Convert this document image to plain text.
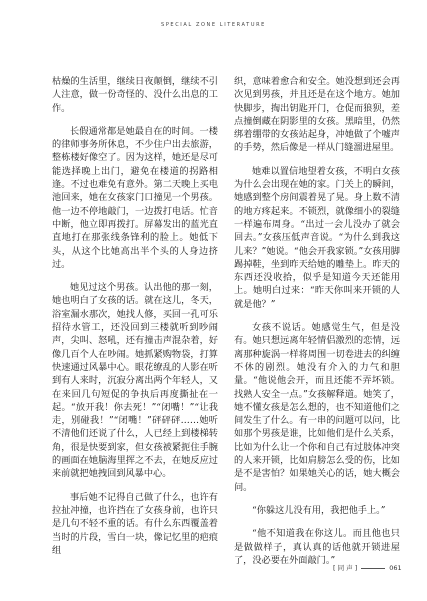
SPECIAL ZONE LITERATURE

枯燥的生活里，继续日夜颠倒，继续不引人注意，做一份奇怪的、没什么出息的工作。

长假通常都是她最自在的时间。一楼的律师事务所休息，不少住户出去旅游，整栋楼好像空了。因为这样，她还是尽可能选择晚上出门，避免在楼道的拐路相逢。不过也难免有意外。第二天晚上买电池回来，她在女孩家门口撞见一个男孩。他一边不停地敲门，一边拨打电话。忙音中断，他立即再拨打。屏幕发出的蓝光直直地打在那张线条锋利的脸上。她低下头，从这个比她高出半个头的人身边挤过。

她见过这个男孩。认出他的那一刻，她也明白了女孩的话。就在这儿，冬天，浴室漏水那次，她找人修，买回一孔可乐招待水管工，还没回到三楼就听到吵闹声，尖叫、怒吼，还有撞击声混杂着，好像几百个人在吵闹。她抓紧购物袋，打算快速通过风暴中心。眼花缭乱的人影在听到有人来时，沉寂分离出两个年轻人，又在来回几句短促的争执后再度撕扯在一起。“放开我！你去死！”“闭嘴！”“让我走，别碰我！”“闭嘴！”砰砰砰……她听不清他们还说了什么，人已经上到楼梯转角，很是快要到家，但女孩被紧扼住手腕的画面在她脑海里挥之不去，在她反应过来前就把她拽回到风暴中心。

事后她不记得自己做了什么，也许有拉扯冲撞，也许挡在了女孩身前，也许只是几句不轻不重的话。有什么东西覆盖着当时的片段，雪白一块，像记忆里的疤痕组

织，意味着愈合和安全。她没想到还会再次见到男孩，并且还是在这个地方。她加快脚步，掏出钥匙开门，仓促而狼狈，差点撞倒藏在阴影里的女孩。黑暗里，仍然绑着绷带的女孩站起身，冲她做了个嘘声的手势，然后像是一样从门缝溜进屋里。

她难以置信地望着女孩，不明白女孩为什么会出现在她的家。门关上的瞬间，她感到整个房间震着晃了晃。身上数不清的地方疼起来。不锁烈，就像细小的裂缝一样遍布周身。“出过一会儿没办了就会回去。”女孩压低声音说。“为什么到我这儿来？”她说。“他会开我家锁。”女孩用脚踢掉鞋，坐到昨天给她的雕垫上。昨天的东西还没收拾，似乎是知道今天还能用上。她明白过来：“昨天你叫来开锁的人就是他？”

女孩不说话。她感觉生气，但是没有。她只想远离年轻情侣激烈的恋情，远离那种旋涡一样将周围一切卷进去的纠缠不休的剧烈。她没有介入的力气和胆量。“他说他会开，而且还能不弄坏锁。找熟人安全一点。”女孩解释道。她笑了，她不懂女孩是怎么想的，也不知道他们之间发生了什么。有一串的问题可以问，比如那个男孩是谁，比如他们是什么关系，比如为什么让一个你和自己有过肢体冲突的人来开锁，比如肩膀怎么受的伤，比如是不是害怕？如果她关心的话，她大概会问。

“你躲这儿没有用，我把他手上。”

“他不知道我在你这儿。而且他也只是做做样子，真认真的话他就开锁进屋了，没必要在外面敲门。”

[ 同 声 ]	061
